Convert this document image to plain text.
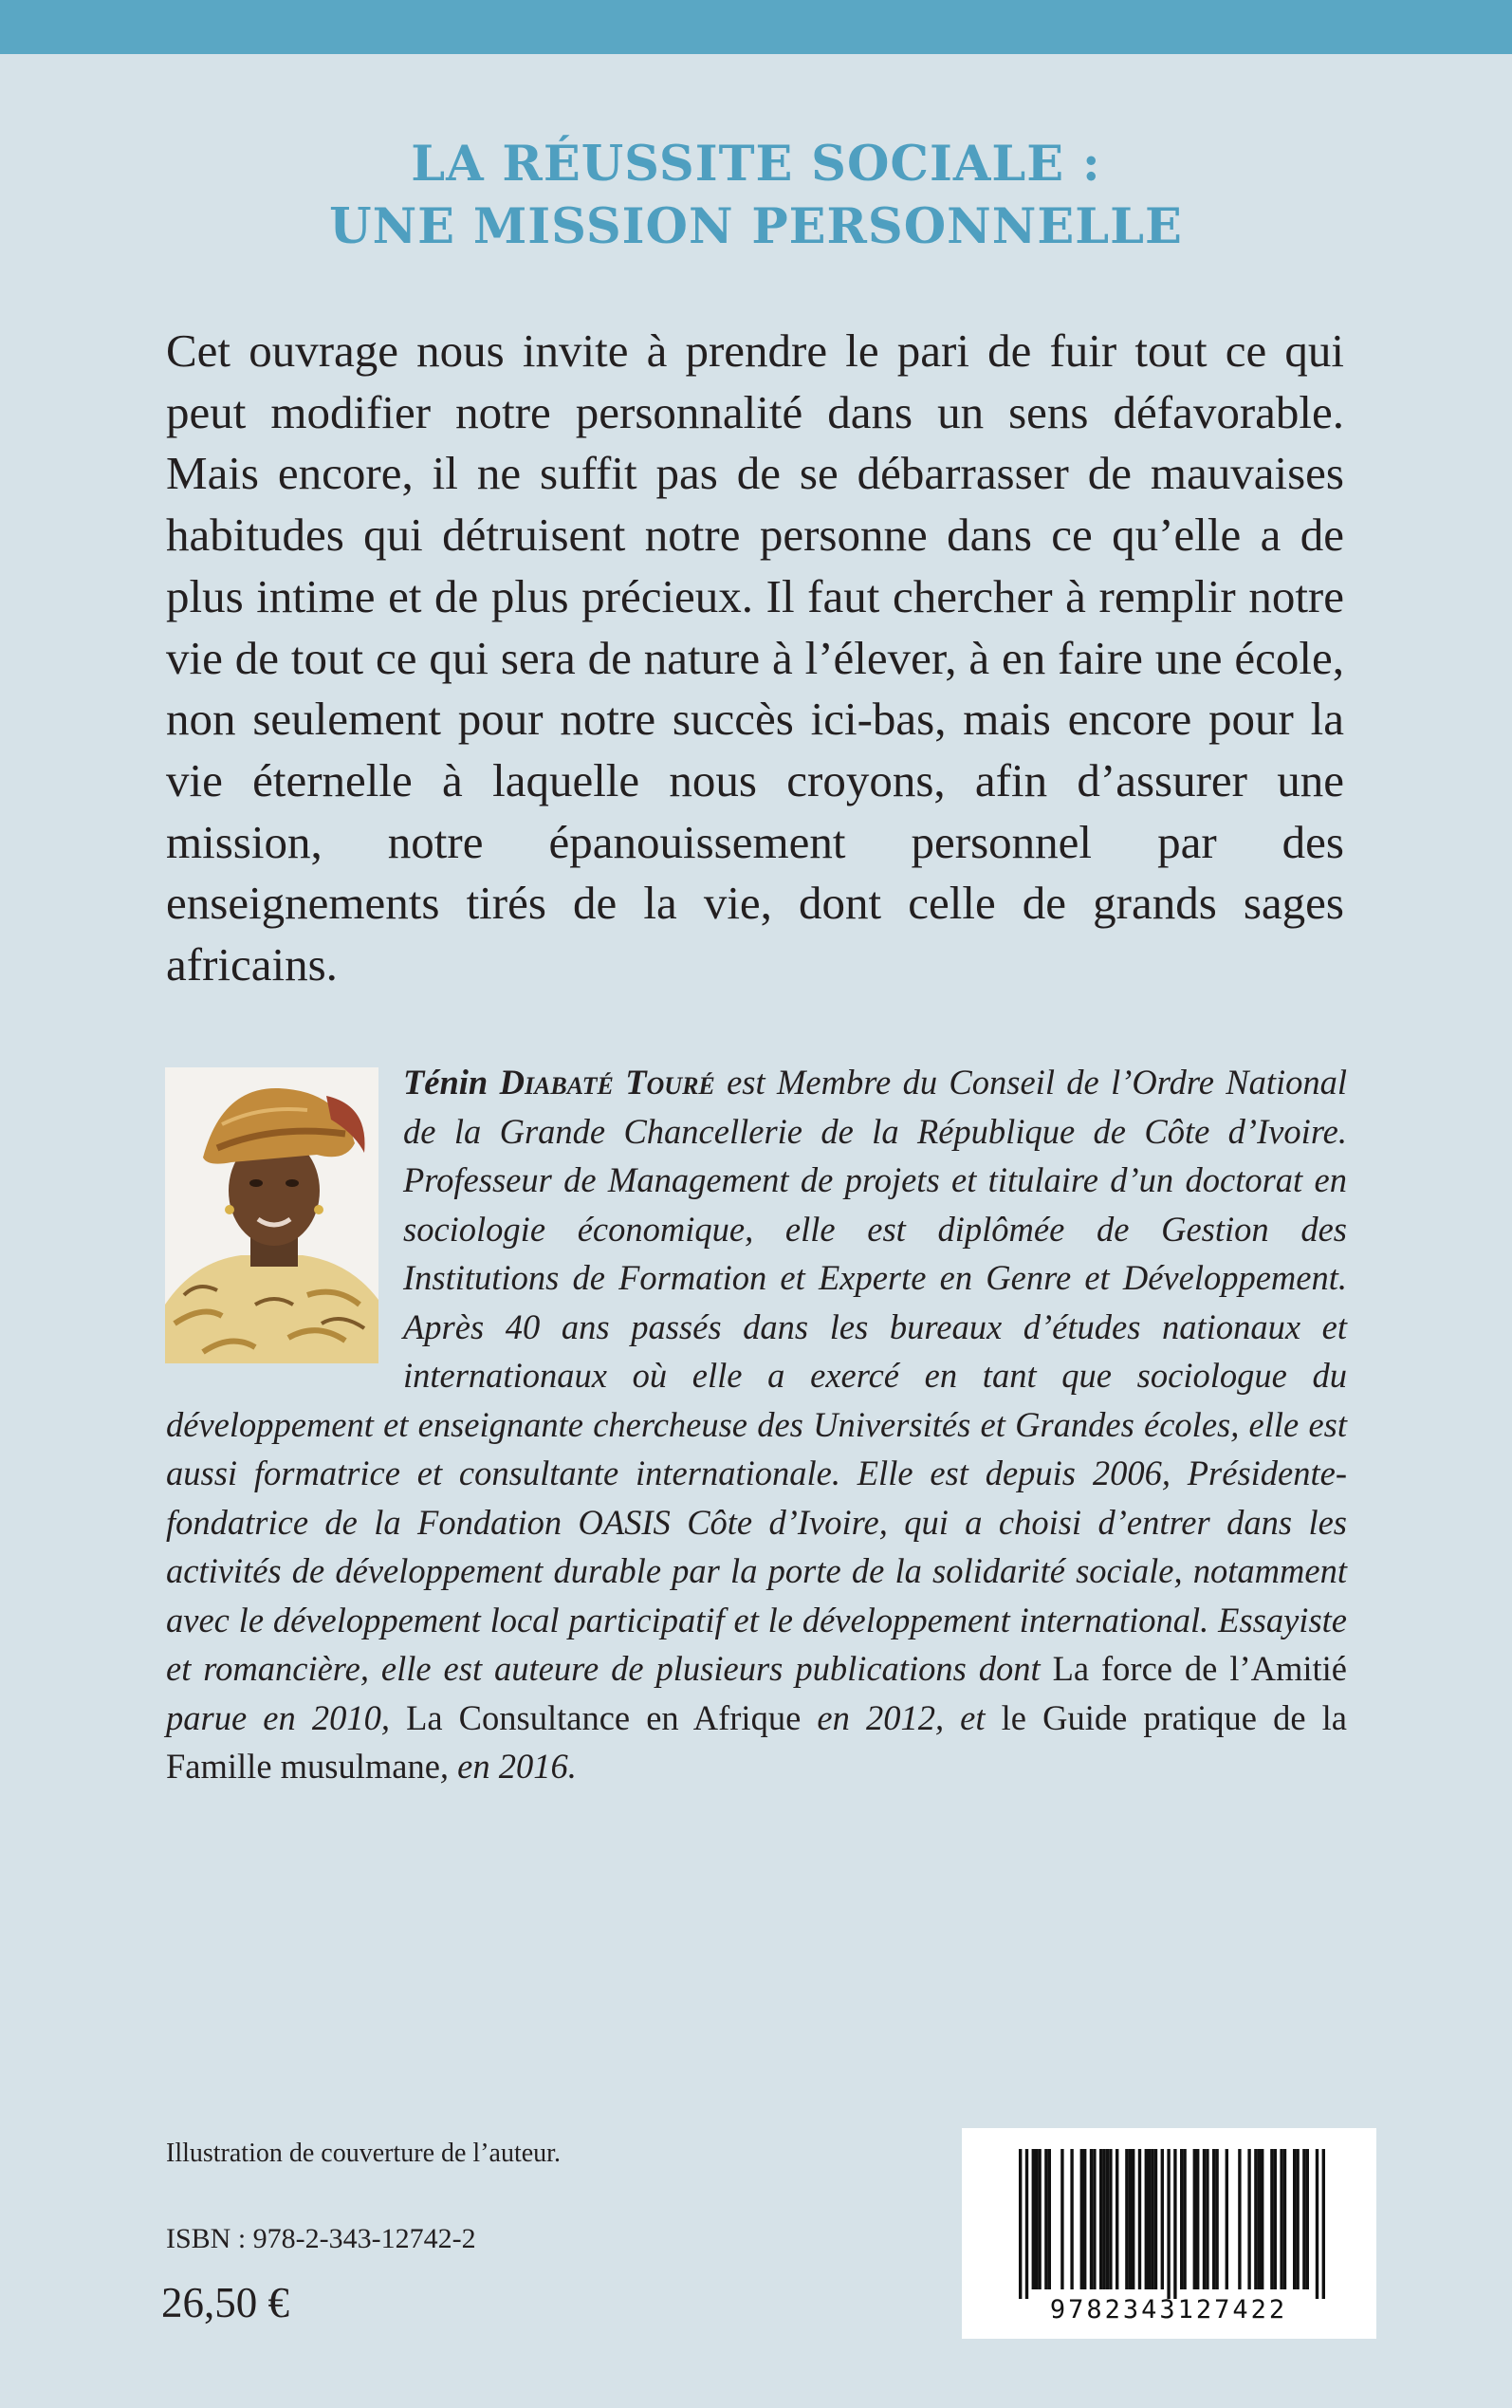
LA RÉUSSITE SOCIALE :
UNE MISSION PERSONNELLE

Cet ouvrage nous invite à prendre le pari de fuir tout ce qui peut modifier notre personnalité dans un sens défavorable. Mais encore, il ne suffit pas de se débarrasser de mauvaises habitudes qui détruisent notre personne dans ce qu’elle a de plus intime et de plus précieux. Il faut chercher à remplir notre vie de tout ce qui sera de nature à l’élever, à en faire une école, non seulement pour notre succès ici-bas, mais encore pour la vie éternelle à laquelle nous croyons, afin d’assurer une mission, notre épanouissement personnel par des enseignements tirés de la vie, dont celle de grands sages africains.

Ténin Diabaté Touré est Membre du Conseil de l’Ordre National de la Grande Chancellerie de la République de Côte d’Ivoire. Professeur de Management de projets et titulaire d’un doctorat en sociologie économique, elle est diplômée de Gestion des Institutions de Formation et Experte en Genre et Développement. Après 40 ans passés dans les bureaux d’études nationaux et internationaux où elle a exercé en tant que sociologue du développement et enseignante chercheuse des Universités et Grandes écoles, elle est aussi formatrice et consultante internationale. Elle est depuis 2006, Présidente-fondatrice de la Fondation OASIS Côte d’Ivoire, qui a choisi d’entrer dans les activités de développement durable par la porte de la solidarité sociale, notamment avec le développement local participatif et le développement international. Essayiste et romancière, elle est auteure de plusieurs publications dont La force de l’Amitié parue en 2010, La Consultance en Afrique en 2012, et le Guide pratique de la Famille musulmane, en 2016.

Illustration de couverture de l’auteur.
ISBN : 978-2-343-12742-2
26,50 €	9782343127422
